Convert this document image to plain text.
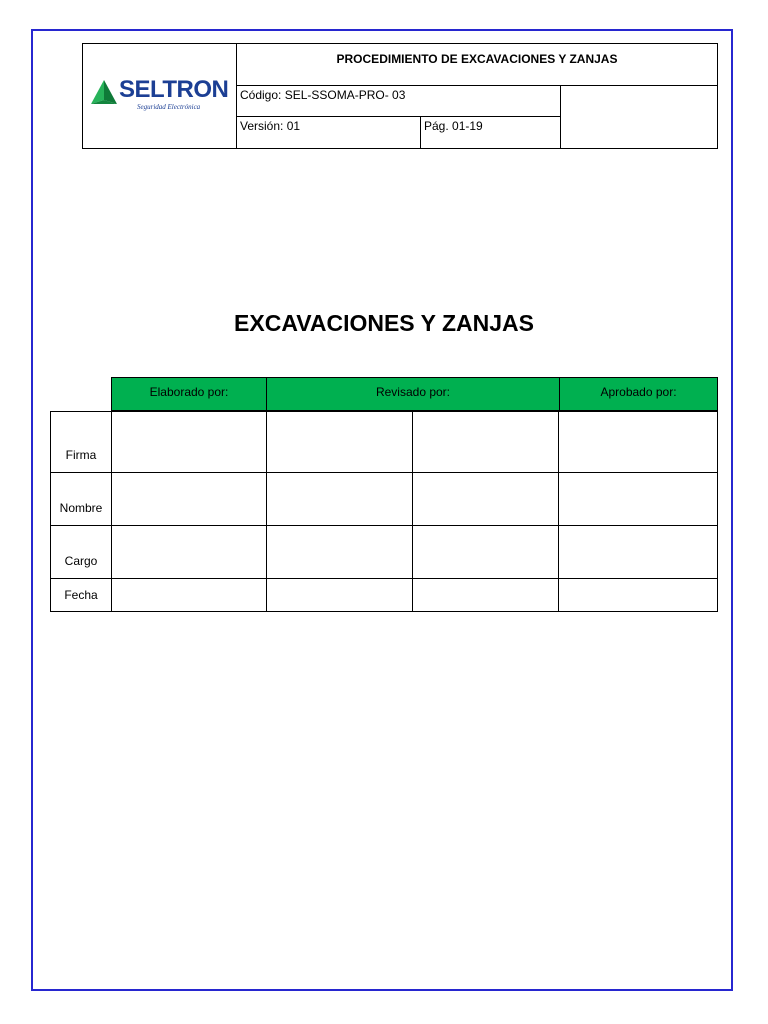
SELTRON
Seguridad Electrónica
PROCEDIMIENTO DE EXCAVACIONES Y ZANJAS
Código: SEL-SSOMA-PRO- 03
Versión: 01	Pág. 01-19
EXCAVACIONES Y ZANJAS
Elaborado por:	Revisado por:	Aprobado por:
Firma
Nombre
Cargo
Fecha
